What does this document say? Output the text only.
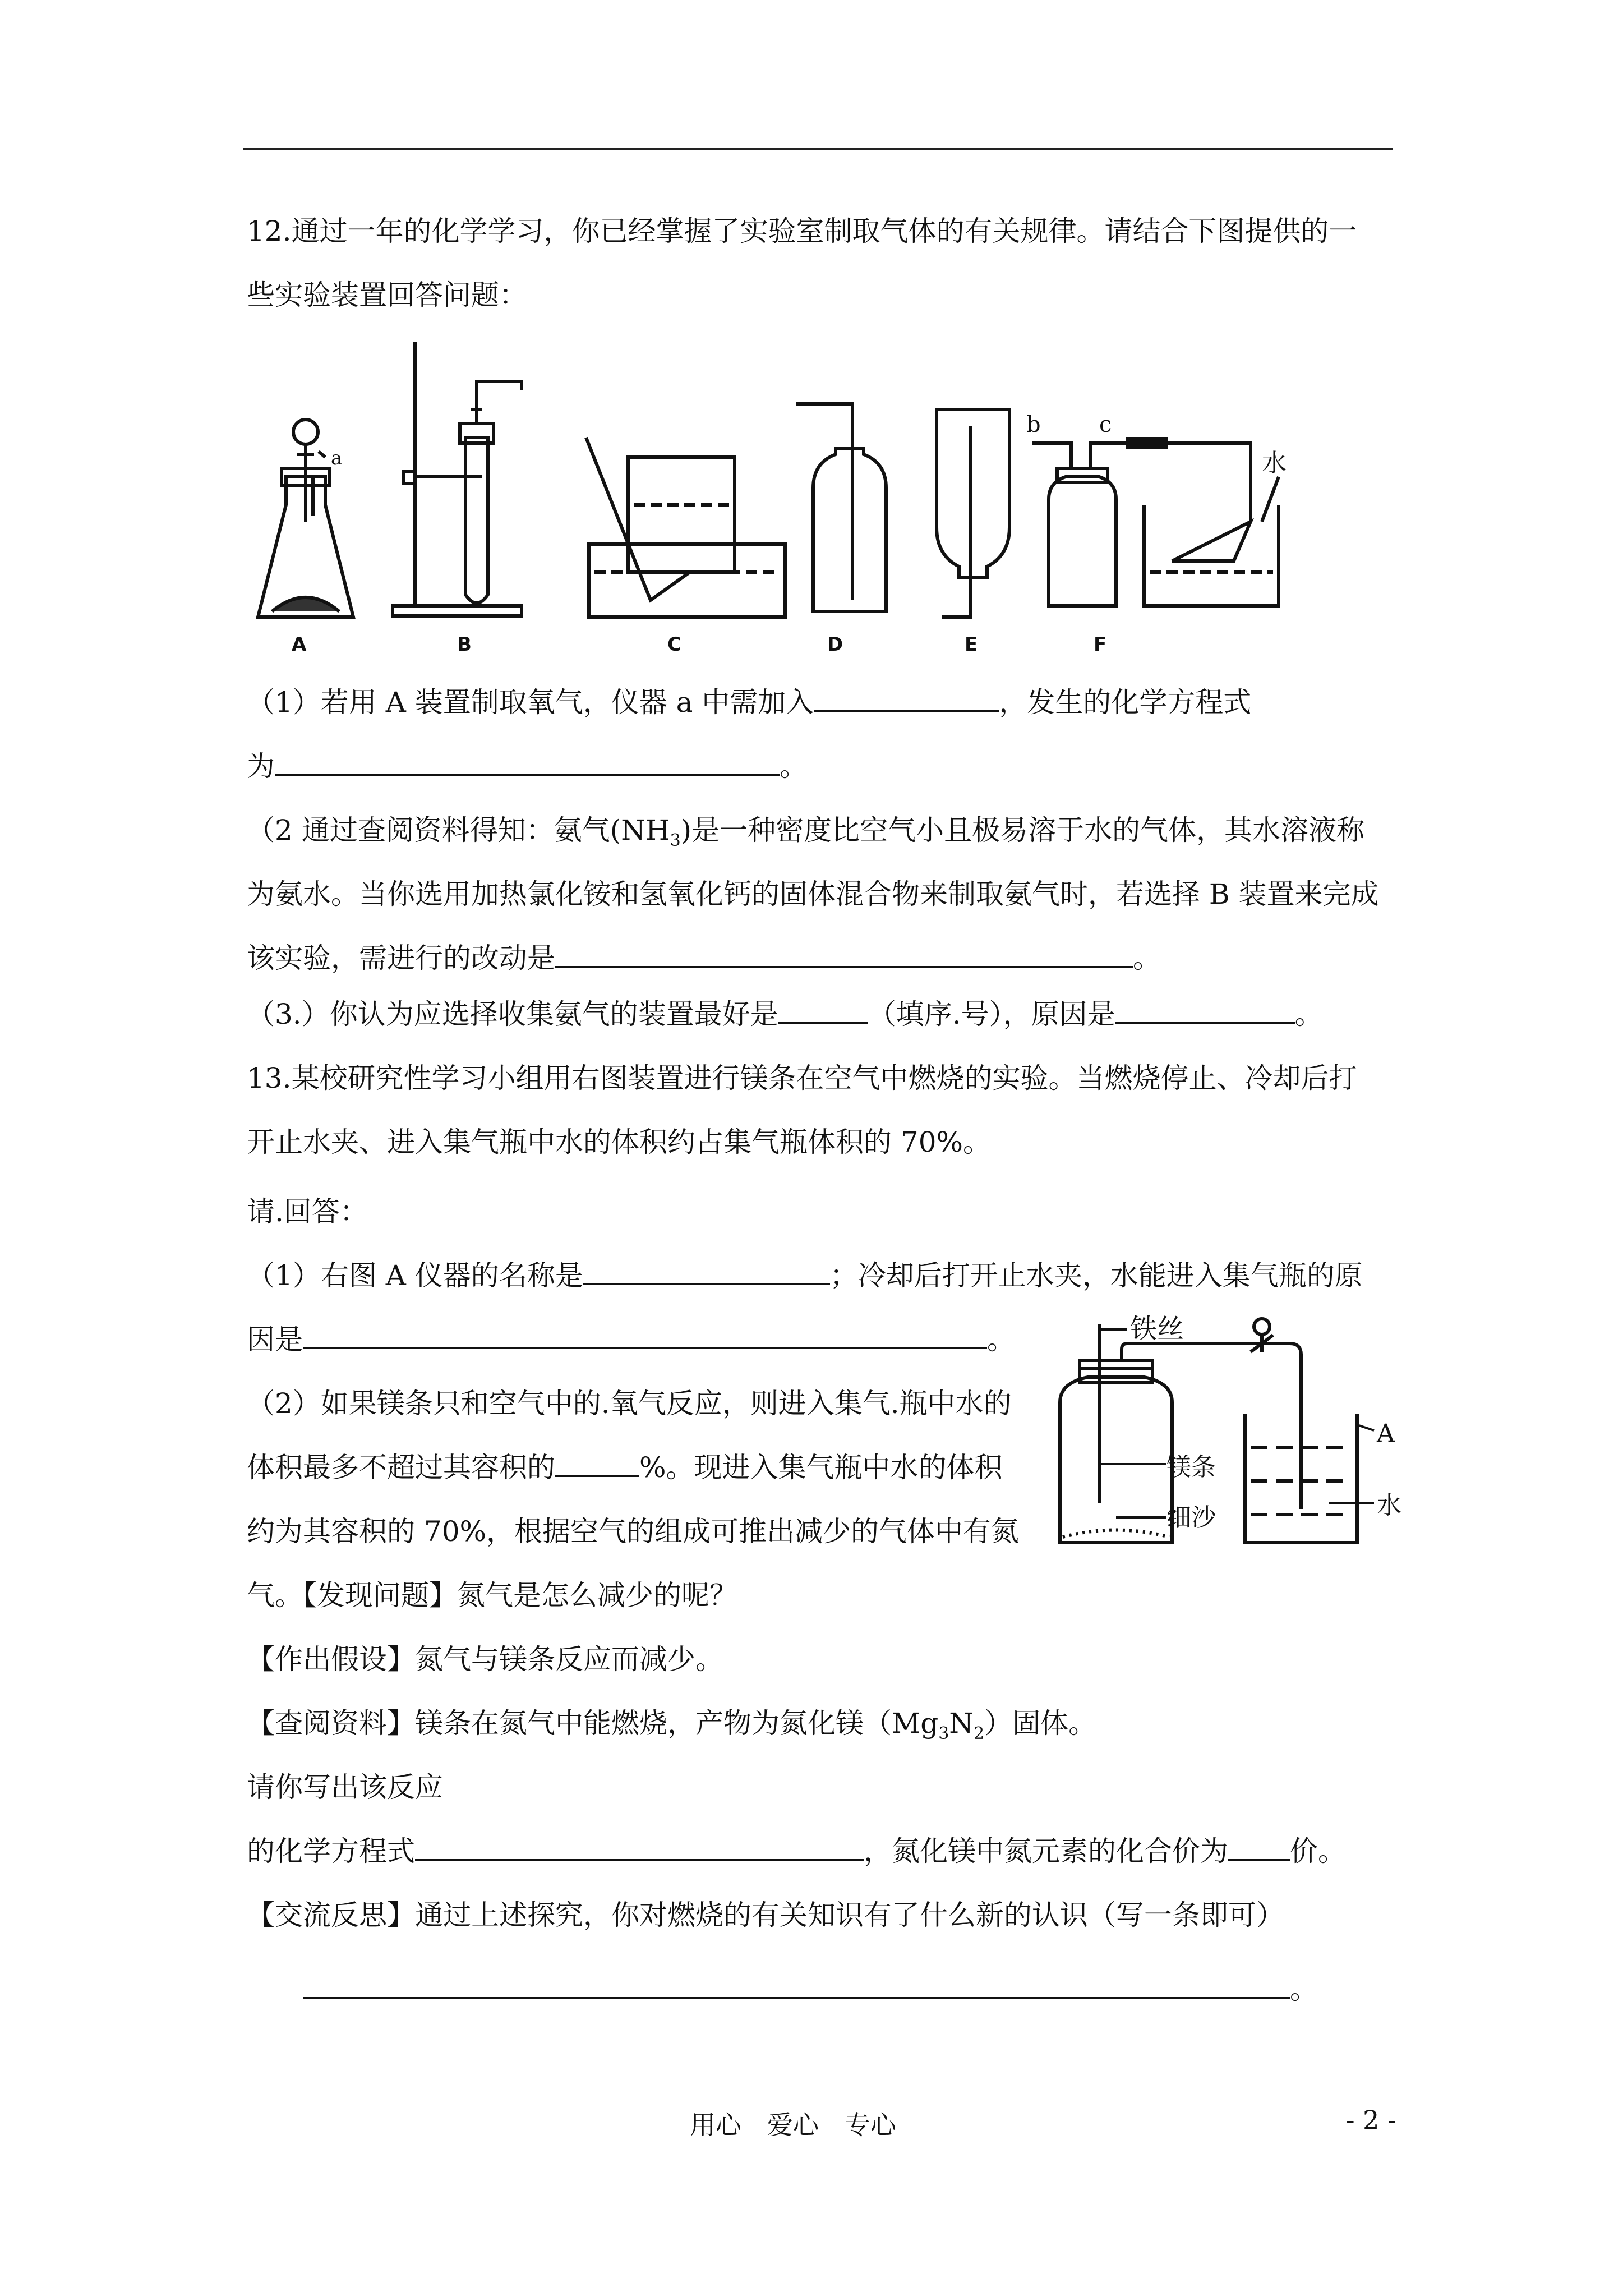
12.通过一年的化学学习，你已经掌握了实验室制取气体的有关规律。请结合下图提供的一
些实验装置回答问题：
a
A	B	C	D	E
b	c
水
F
（1）若用 A 装置制取氧气，仪器 a 中需加入	，发生的化学方程式
为	。
（2 通过查阅资料得知：氨气$(NH_3)$是一种密度比空气小且极易溶于水的气体，其水溶液称
为氨水。当你选用加热氯化铵和氢氧化钙的固体混合物来制取氨气时，若选择 B 装置来完成
该实验，需进行的改动是	。
（3.）你认为应选择收集氨气的装置最好是	（填序.号），原因是	。
13.某校研究性学习小组用右图装置进行镁条在空气中燃烧的实验。当燃烧停止、冷却后打
开止水夹、进入集气瓶中水的体积约占集气瓶体积的 70%。
请.回答：
（1）右图 A 仪器的名称是	；冷却后打开止水夹，水能进入集气瓶的原
因是	。
（2）如果镁条只和空气中的.氧气反应，则进入集气.瓶中水的
体积最多不超过其容积的	%。现进入集气瓶中水的体积
约为其容积的 70%，根据空气的组成可推出减少的气体中有氮
气。【发现问题】氮气是怎么减少的呢？
铁丝
A
水
镁条
细沙
【作出假设】氮气与镁条反应而减少。
【查阅资料】镁条在氮气中能燃烧，产物为氮化镁$(Mg_3N_2)$固体。
请你写出该反应
的化学方程式	，氮化镁中氮元素的化合价为 价。
【交流反思】通过上述探究，你对燃烧的有关知识有了什么新的认识（写一条即可）
。
用心　爱心　专心	- 2 -
